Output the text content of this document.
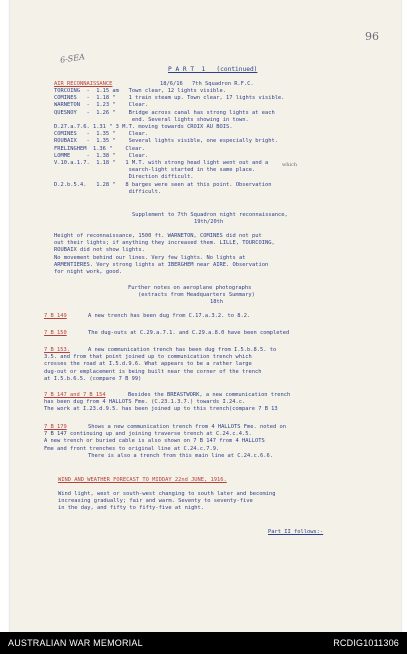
96
6-SEA
P A R T  1   (continued)
AIR RECONNAISSANCE	18/6/16 7th Squadron R.F.C.
TORCOING  -  1.15 am   Town clear, 12 lights visible.
COMINES   -  1.18 "    1 train steam up. Town clear, 17 lights visible.
WARNETON  -  1.23 "    Clear.
QUESNOY   -  1.26 "    Bridge across canal has strong lights at each
end. Several lights showing in town.
D.27.a.7.6. 1.31 " 3 M.T. moving towards CROIX AU BOIS.
COMINES   -  1.35 "    Clear.
ROUBAIX   -  1.35 "    Several lights visible, one especially bright.
FRELINGHEM  1.36 "    Clear.
LOMME     -  1.38 "    Clear.
V.10.a.1.7.  1.18 "   1 M.T. with strong head light went out and a
search-light started in the same place.
Direction difficult.
D.2.b.5.4.   1.28 "   8 barges were seen at this point. Observation
difficult.
which
Supplement to 7th Squadron night reconnaissance,
19th/20th
Height of reconnaissance, 1500 ft. WARNETON, COMINES did not put
out their lights; if anything they increased them. LILLE, TOURCOING,
ROUBAIX did not show lights.
No movement behind our lines. Very few lights. No lights at
ARMENTIERES. Very strong lights at IBERGHEM near AIRE. Observation
for night work, good.
Further notes on aeroplane photographs
(extracts from Headquarters Summary)
18th
7 B 149	A new trench has been dug from C.17.a.3.2. to 8.2.
7 B 150	The dug-outs at C.29.a.7.1. and C.29.a.8.0 have been completed
7 B 153.	A new communication trench has been dug from I.5.b.8.5. to
3.5. and from that point joined up to communication trench which
crosses the road at I.5.d.9.6. What appears to be a rather large
dug-out or emplacement is being built near the corner of the trench
at I.5.b.6.5. (compare 7 B 99)
7 B 147 and 7 B 154	Besides the BREASTWORK, a new communication trench
has been dug from 4 HALLOTS Fme. (C.23.1.3.7.) towards I.24.c.
The work at I.23.d.9.5. has been joined up to this trench(compare 7 B 13
7 B 179	Shows a new communication trench from 4 HALLOTS Fme. noted on
7 B 147 continuing up and joining traverse trench at C.24.c.4.5.
A new trench or buried cable is also shown on 7 B 147 from 4 HALLOTS
Fme and front trenches to original line at C.24.c.7.9.
There is also a trench from this main line at C.24.c.6.6.
WIND AND WEATHER FORECAST TO MIDDAY 22nd JUNE, 1916.
Wind light, west or south-west changing to south later and becoming
increasing gradually; fair and warm. Seventy to seventy-five
in the day, and fifty to fifty-five at night.
Part II follows:-
AUSTRALIAN WAR MEMORIAL	RCDIG1011306
